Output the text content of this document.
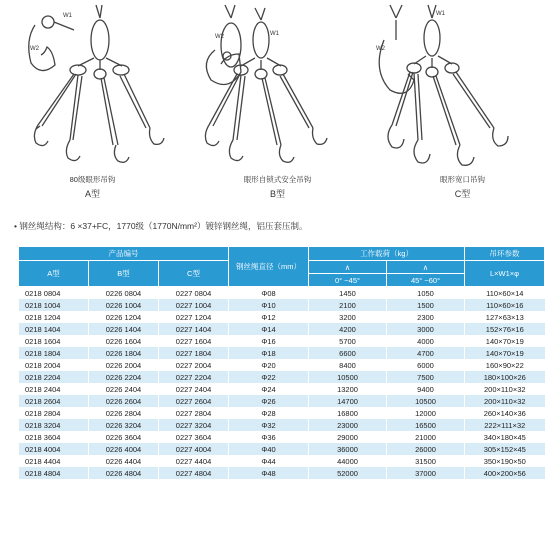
W2
W1
80级眼形吊钩
A型
W2	W1
眼形自锁式安全吊钩
B型
W1
W2
眼形宽口吊钩
C型
• 钢丝绳结构：6 ×37+FC，1770级（1770N/mm²）镀锌钢丝绳，铝压套压制。
产品编号			钢丝绳直径（mm）	工作载荷（kg）		吊环参数
A型	B型	C型		∧	∧	L×W1×φ
				0° ~45°	45° ~60°	
0218 0804	0226 0804	0227 0804	Φ08	1450	1050	110×60×14
0218 1004	0226 1004	0227 1004	Φ10	2100	1500	110×60×16
0218 1204	0226 1204	0227 1204	Φ12	3200	2300	127×63×13
0218 1404	0226 1404	0227 1404	Φ14	4200	3000	152×76×16
0218 1604	0226 1604	0227 1604	Φ16	5700	4000	140×70×19
0218 1804	0226 1804	0227 1804	Φ18	6600	4700	140×70×19
0218 2004	0226 2004	0227 2004	Φ20	8400	6000	160×90×22
0218 2204	0226 2204	0227 2204	Φ22	10500	7500	180×100×26
0218 2404	0226 2404	0227 2404	Φ24	13200	9400	200×110×32
0218 2604	0226 2604	0227 2604	Φ26	14700	10500	200×110×32
0218 2804	0226 2804	0227 2804	Φ28	16800	12000	260×140×36
0218 3204	0226 3204	0227 3204	Φ32	23000	16500	222×111×32
0218 3604	0226 3604	0227 3604	Φ36	29000	21000	340×180×45
0218 4004	0226 4004	0227 4004	Φ40	36000	26000	305×152×45
0218 4404	0226 4404	0227 4404	Φ44	44000	31500	350×190×50
0218 4804	0226 4804	0227 4804	Φ48	52000	37000	400×200×56
